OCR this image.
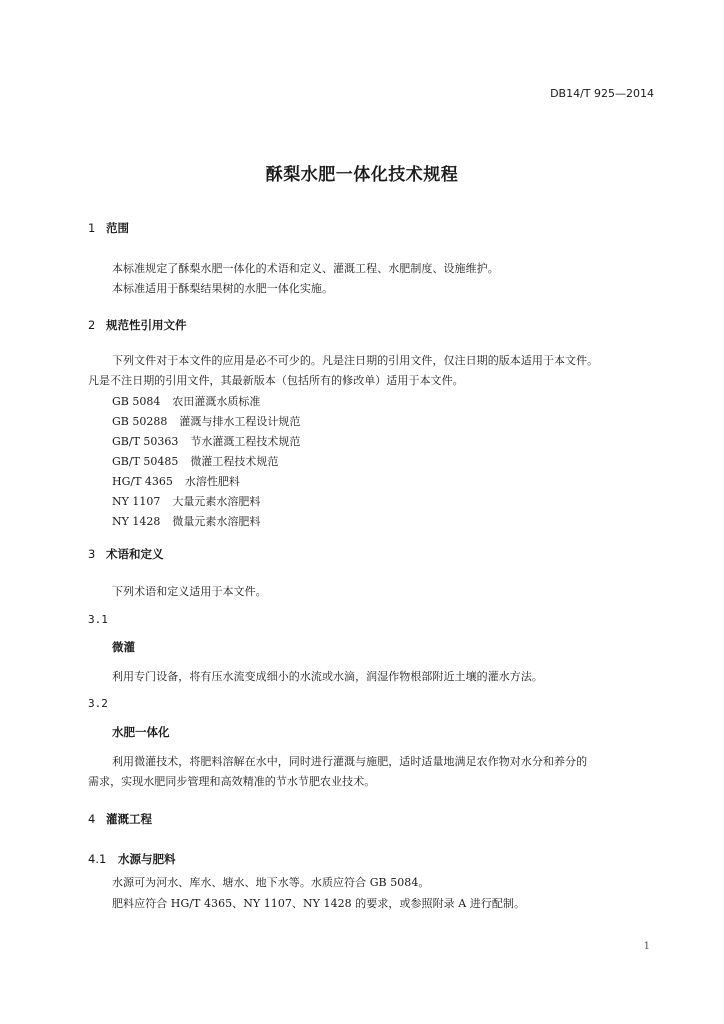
DB14/T 925—2014
酥梨水肥一体化技术规程
1 范围
本标准规定了酥梨水肥一体化的术语和定义、灌溉工程、水肥制度、设施维护。
本标准适用于酥梨结果树的水肥一体化实施。
2 规范性引用文件
下列文件对于本文件的应用是必不可少的。凡是注日期的引用文件，仅注日期的版本适用于本文件。
凡是不注日期的引用文件，其最新版本（包括所有的修改单）适用于本文件。
GB 5084 农田灌溉水质标准
GB 50288 灌溉与排水工程设计规范
GB/T 50363 节水灌溉工程技术规范
GB/T 50485 微灌工程技术规范
HG/T 4365 水溶性肥料
NY 1107 大量元素水溶肥料
NY 1428 微量元素水溶肥料
3 术语和定义
下列术语和定义适用于本文件。
3.1
微灌
利用专门设备，将有压水流变成细小的水流或水滴，润湿作物根部附近土壤的灌水方法。
3.2
水肥一体化
利用微灌技术，将肥料溶解在水中，同时进行灌溉与施肥，适时适量地满足农作物对水分和养分的
需求，实现水肥同步管理和高效精准的节水节肥农业技术。
4 灌溉工程
4.1 水源与肥料
水源可为河水、库水、塘水、地下水等。水质应符合 GB 5084。
肥料应符合 HG/T 4365、NY 1107、NY 1428 的要求，或参照附录 A 进行配制。
1
